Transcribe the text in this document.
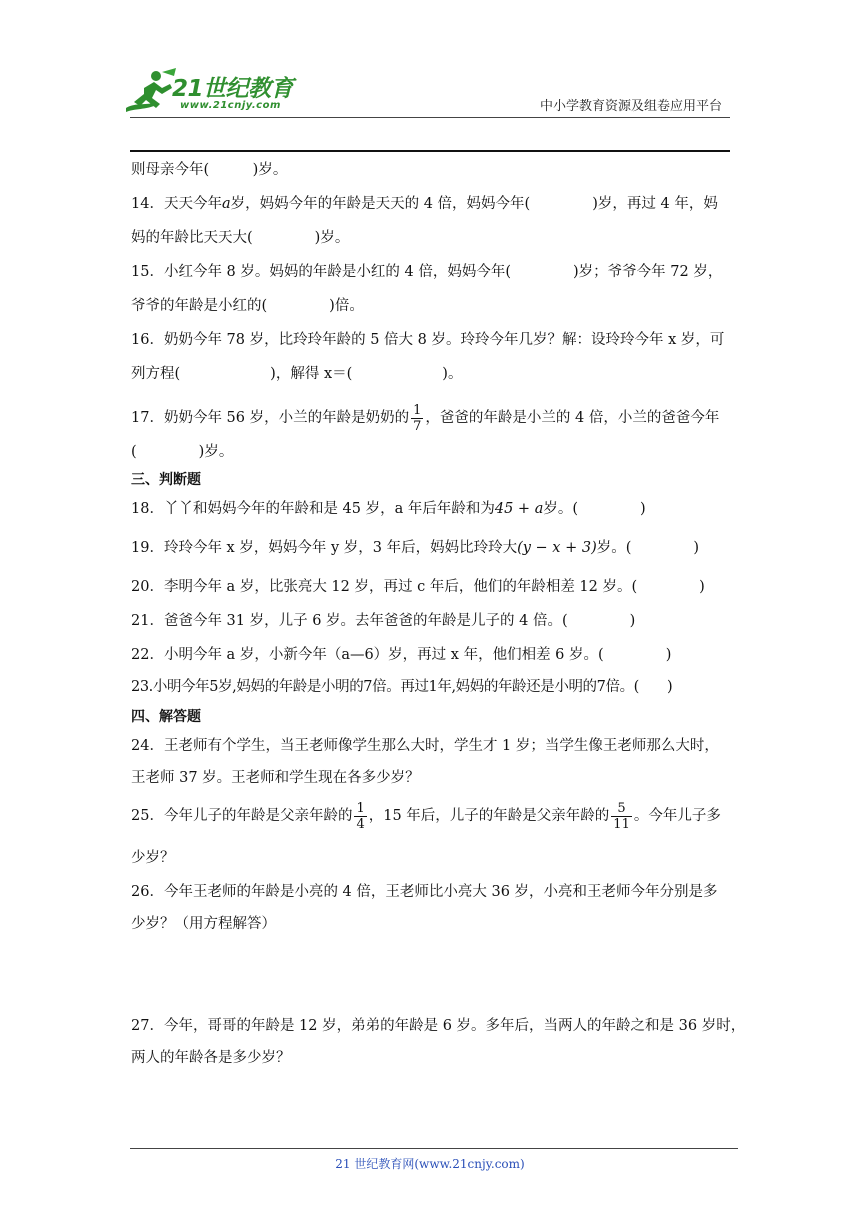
21世纪教育
www.21cnjy.com	中小学教育资源及组卷应用平台
则母亲今年(　　　)岁。
14．天天今年a岁，妈妈今年的年龄是天天的 4 倍，妈妈今年(	)岁，再过 4 年，妈
妈的年龄比天天大(	)岁。
15．小红今年 8 岁。妈妈的年龄是小红的 4 倍，妈妈今年(	)岁；爷爷今年 72 岁，
爷爷的年龄是小红的(	)倍。
16．奶奶今年 78 岁，比玲玲年龄的 5 倍大 8 岁。玲玲今年几岁？解：设玲玲今年 x 岁，可
列方程(	)，解得 x＝(	)。
17．奶奶今年 56 岁，小兰的年龄是奶奶的 $\frac{1}{7}$ ，爸爸的年龄是小兰的 4 倍，小兰的爸爸今年
(	)岁。
三、判断题
18．丫丫和妈妈今年的年龄和是 45 岁，a 年后年龄和为45 + a岁。(	)
19．玲玲今年 x 岁，妈妈今年 y 岁，3 年后，妈妈比玲玲大(y − x + 3)岁。(	)
20．李明今年 a 岁，比张亮大 12 岁，再过 c 年后，他们的年龄相差 12 岁。(	)
21．爸爸今年 31 岁，儿子 6 岁。去年爸爸的年龄是儿子的 4 倍。(	)
22．小明今年 a 岁，小新今年（a—6）岁，再过 x 年，他们相差 6 岁。(	)
23.小明今年5岁,妈妈的年龄是小明的7倍。再过1年,妈妈的年龄还是小明的7倍。( )
四、解答题
24．王老师有个学生，当王老师像学生那么大时，学生才 1 岁；当学生像王老师那么大时，
王老师 37 岁。王老师和学生现在各多少岁？
25．今年儿子的年龄是父亲年龄的 $\frac{1}{4}$ ，15 年后，儿子的年龄是父亲年龄的 $\frac{5}{11}$ 。今年儿子多
少岁？
26．今年王老师的年龄是小亮的 4 倍，王老师比小亮大 36 岁，小亮和王老师今年分别是多
少岁？（用方程解答）
27．今年，哥哥的年龄是 12 岁，弟弟的年龄是 6 岁。多年后，当两人的年龄之和是 36 岁时，
两人的年龄各是多少岁？
21 世纪教育网(www.21cnjy.com)
